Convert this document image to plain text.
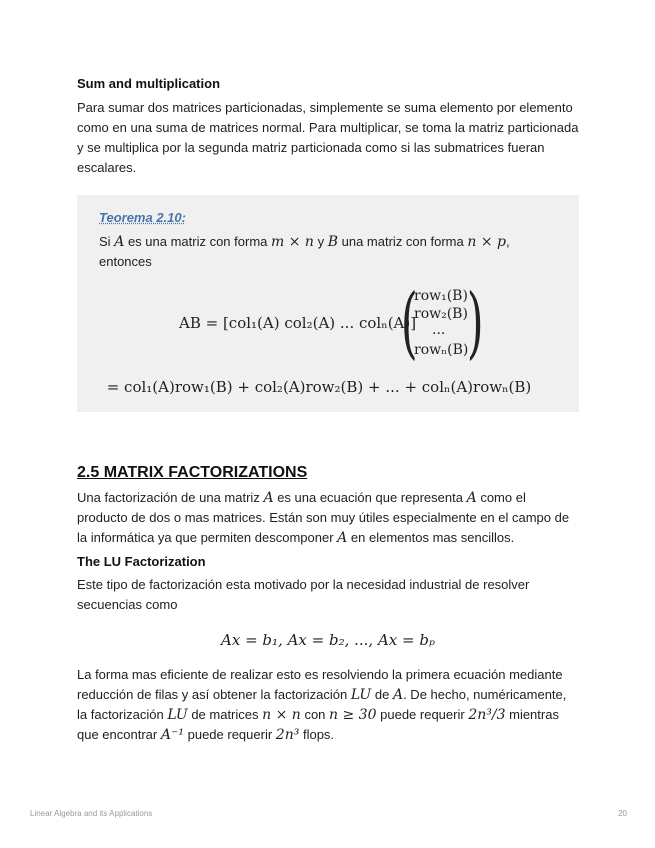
Sum and multiplication

Para sumar dos matrices particionadas, simplemente se suma elemento por elemento como en una suma de matrices normal. Para multiplicar, se toma la matriz particionada y se multiplica por la segunda matriz particionada como si las submatrices fueran escalares.

Teorema 2.10:

Si A es una matriz con forma m × n y B una matriz con forma n × p, entonces

AB = [col₁(A) col₂(A) ... colₙ(A)]
(
row₁(B)
row₂(B)
...
rowₙ(B)
)
= col₁(A)row₁(B) + col₂(A)row₂(B) + ... + colₙ(A)rowₙ(B)
2.5 MATRIX FACTORIZATIONS

Una factorización de una matriz A es una ecuación que representa A como el producto de dos o mas matrices. Están son muy útiles especialmente en el campo de la informática ya que permiten descomponer A en elementos mas sencillos.

The LU Factorization

Este tipo de factorización esta motivado por la necesidad industrial de resolver secuencias como

Ax = b₁, Ax = b₂, ..., Ax = bₚ

La forma mas eficiente de realizar esto es resolviendo la primera ecuación mediante reducción de filas y así obtener la factorización LU de A. De hecho, numéricamente, la factorización LU de matrices n × n con n ≥ 30 puede requerir 2n³/3 mientras que encontrar A⁻¹ puede requerir 2n³ flops.

Linear Algebra and its Applications	20
